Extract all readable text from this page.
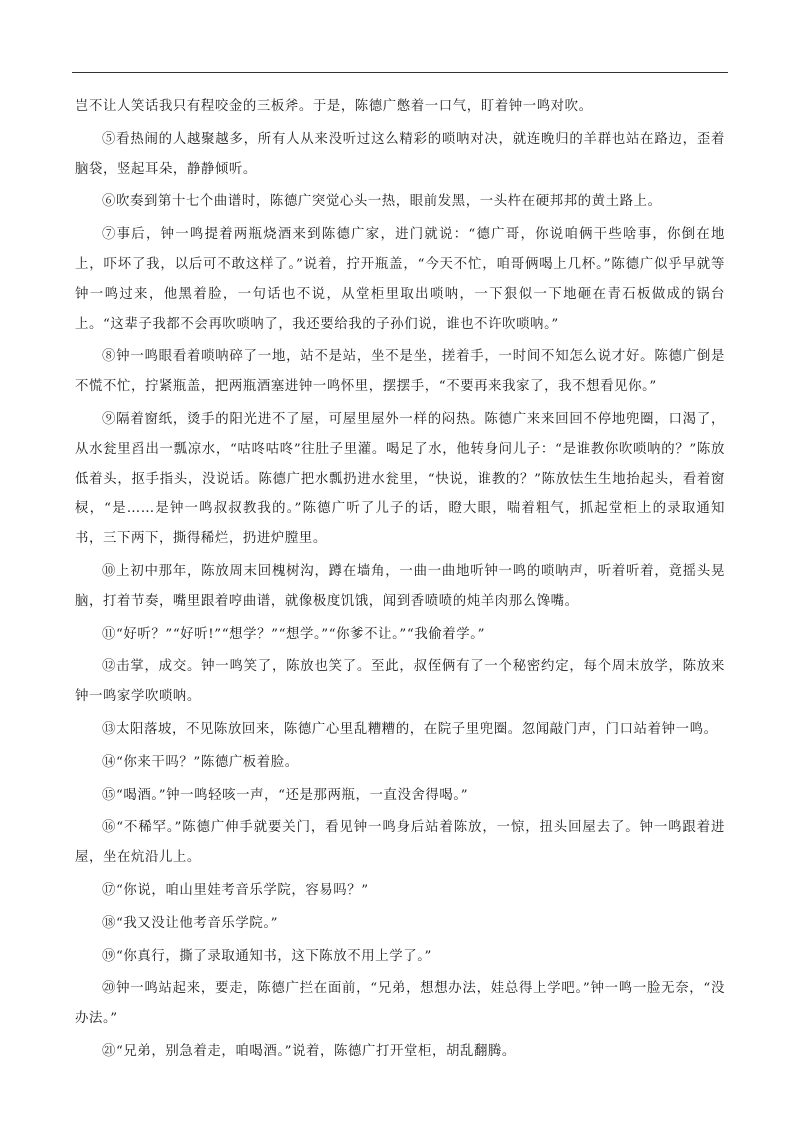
岂不让人笑话我只有程咬金的三板斧。于是，陈德广憋着一口气，盯着钟一鸣对吹。

⑤看热闹的人越聚越多，所有人从来没听过这么精彩的唢呐对决，就连晚归的羊群也站在路边，歪着脑袋，竖起耳朵，静静倾听。

⑥吹奏到第十七个曲谱时，陈德广突觉心头一热，眼前发黑，一头杵在硬邦邦的黄土路上。

⑦事后，钟一鸣提着两瓶烧酒来到陈德广家，进门就说：“德广哥，你说咱俩干些啥事，你倒在地上，吓坏了我，以后可不敢这样了。”说着，拧开瓶盖，“今天不忙，咱哥俩喝上几杯。”陈德广似乎早就等钟一鸣过来，他黑着脸，一句话也不说，从堂柜里取出唢呐，一下狠似一下地砸在青石板做成的锅台上。“这辈子我都不会再吹唢呐了，我还要给我的子孙们说，谁也不许吹唢呐。”

⑧钟一鸣眼看着唢呐碎了一地，站不是站，坐不是坐，搓着手，一时间不知怎么说才好。陈德广倒是不慌不忙，拧紧瓶盖，把两瓶酒塞进钟一鸣怀里，摆摆手，“不要再来我家了，我不想看见你。”

⑨隔着窗纸，烫手的阳光进不了屋，可屋里屋外一样的闷热。陈德广来来回回不停地兜圈，口渴了，从水瓮里舀出一瓢凉水，“咕咚咕咚”往肚子里灌。喝足了水，他转身问儿子：“是谁教你吹唢呐的？”陈放低着头，抠手指头，没说话。陈德广把水瓢扔进水瓮里，“快说，谁教的？”陈放怯生生地抬起头，看着窗棂，“是……是钟一鸣叔叔教我的。”陈德广听了儿子的话，瞪大眼，喘着粗气，抓起堂柜上的录取通知书，三下两下，撕得稀烂，扔进炉膛里。

⑩上初中那年，陈放周末回槐树沟，蹲在墙角，一曲一曲地听钟一鸣的唢呐声，听着听着，竟摇头晃脑，打着节奏，嘴里跟着哼曲谱，就像极度饥饿，闻到香喷喷的炖羊肉那么馋嘴。

⑪“好听？”“好听!”“想学？”“想学。”“你爹不让。”“我偷着学。”

⑫击掌，成交。钟一鸣笑了，陈放也笑了。至此，叔侄俩有了一个秘密约定，每个周末放学，陈放来钟一鸣家学吹唢呐。

⑬太阳落坡，不见陈放回来，陈德广心里乱糟糟的，在院子里兜圈。忽闻敲门声，门口站着钟一鸣。

⑭“你来干吗？”陈德广板着脸。

⑮“喝酒。”钟一鸣轻咳一声，“还是那两瓶，一直没舍得喝。”

⑯“不稀罕。”陈德广伸手就要关门，看见钟一鸣身后站着陈放，一惊，扭头回屋去了。钟一鸣跟着进屋，坐在炕沿儿上。

⑰“你说，咱山里娃考音乐学院，容易吗？”

⑱“我又没让他考音乐学院。”

⑲“你真行，撕了录取通知书，这下陈放不用上学了。”

⑳钟一鸣站起来，要走，陈德广拦在面前，“兄弟，想想办法，娃总得上学吧。”钟一鸣一脸无奈，“没办法。”

㉑“兄弟，别急着走，咱喝酒。”说着，陈德广打开堂柜，胡乱翻腾。
